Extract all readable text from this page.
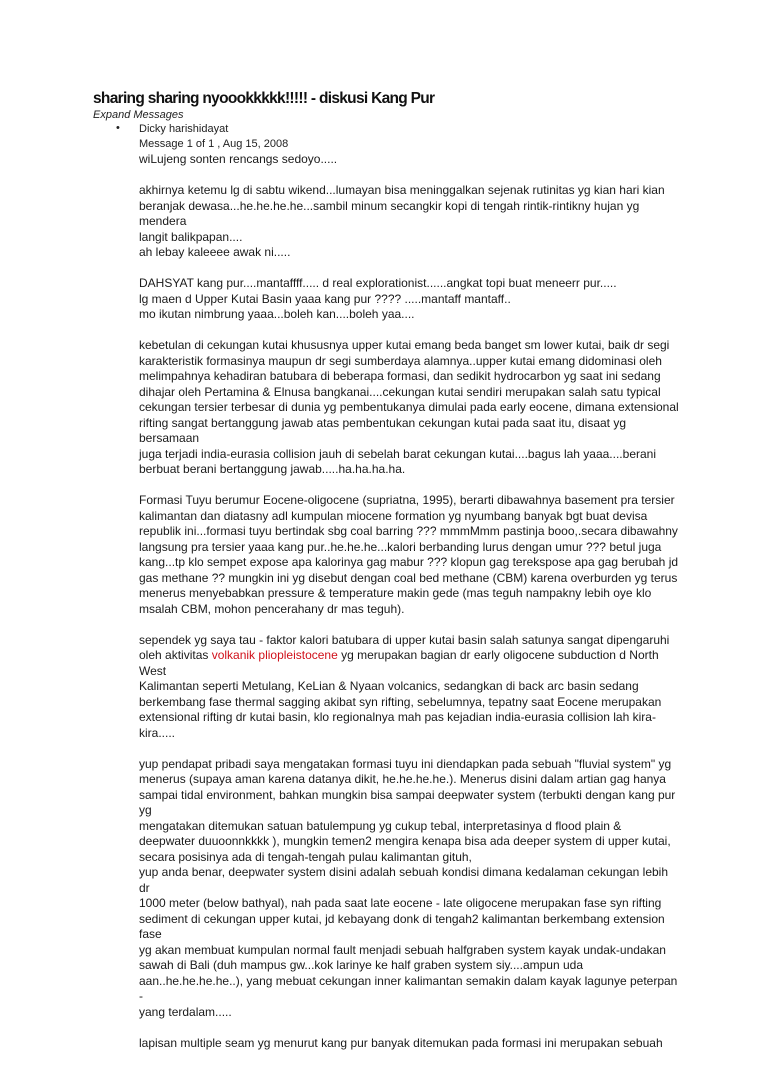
sharing sharing nyoookkkkk!!!!! - diskusi Kang Pur
Expand Messages
• Dicky harishidayat
Message 1 of 1 , Aug 15, 2008

wiLujeng sonten rencangs sedoyo.....

akhirnya ketemu lg di sabtu wikend...lumayan bisa meninggalkan sejenak rutinitas yg kian hari kian
beranjak dewasa...he.he.he.he...sambil minum secangkir kopi di tengah rintik-rintikny hujan yg mendera
langit balikpapan....
ah lebay kaleeee awak ni.....

DAHSYAT kang pur....mantaffff..... d real explorationist......angkat topi buat meneerr pur.....
lg maen d Upper Kutai Basin yaaa kang pur ???? .....mantaff mantaff..
mo ikutan nimbrung yaaa...boleh kan....boleh yaa....

kebetulan di cekungan kutai khususnya upper kutai emang beda banget sm lower kutai, baik dr segi
karakteristik formasinya maupun dr segi sumberdaya alamnya..upper kutai emang didominasi oleh
melimpahnya kehadiran batubara di beberapa formasi, dan sedikit hydrocarbon yg saat ini sedang
dihajar oleh Pertamina & Elnusa bangkanai....cekungan kutai sendiri merupakan salah satu typical
cekungan tersier terbesar di dunia yg pembentukanya dimulai pada early eocene, dimana extensional
rifting sangat bertanggung jawab atas pembentukan cekungan kutai pada saat itu, disaat yg bersamaan
juga terjadi india-eurasia collision jauh di sebelah barat cekungan kutai....bagus lah yaaa....berani
berbuat berani bertanggung jawab.....ha.ha.ha.ha.

Formasi Tuyu berumur Eocene-oligocene (supriatna, 1995), berarti dibawahnya basement pra tersier
kalimantan dan diatasny adl kumpulan miocene formation yg nyumbang banyak bgt buat devisa
republik ini...formasi tuyu bertindak sbg coal barring ??? mmmMmm pastinja booo,.secara dibawahny
langsung pra tersier yaaa kang pur..he.he.he...kalori berbanding lurus dengan umur ??? betul juga
kang...tp klo sempet expose apa kalorinya gag mabur ??? klopun gag terekspose apa gag berubah jd
gas methane ?? mungkin ini yg disebut dengan coal bed methane (CBM) karena overburden yg terus
menerus menyebabkan pressure & temperature makin gede (mas teguh nampakny lebih oye klo
msalah CBM, mohon pencerahany dr mas teguh).

sependek yg saya tau - faktor kalori batubara di upper kutai basin salah satunya sangat dipengaruhi
oleh aktivitas volkanik plioplеistocene yg merupakan bagian dr early oligocene subduction d North West
Kalimantan seperti Metulang, KeLian & Nyaan volcanics, sedangkan di back arc basin sedang
berkembang fase thermal sagging akibat syn rifting, sebelumnya, tepatny saat Eocene merupakan
extensional rifting dr kutai basin, klo regionalnya mah pas kejadian india-eurasia collision lah kira-
kira.....

yup pendapat pribadi saya mengatakan formasi tuyu ini diendapkan pada sebuah "fluvial system" yg
menerus (supaya aman karena datanya dikit, he.he.he.he.). Menerus disini dalam artian gag hanya
sampai tidal environment, bahkan mungkin bisa sampai deepwater system (terbukti dengan kang pur yg
mengatakan ditemukan satuan batulempung yg cukup tebal, interpretasinya d flood plain &
deepwater duuoonnkkkk ), mungkin temen2 mengira kenapa bisa ada deeper system di upper kutai,
secara posisinya ada di tengah-tengah pulau kalimantan gituh,
yup anda benar, deepwater system disini adalah sebuah kondisi dimana kedalaman cekungan lebih dr
1000 meter (below bathyal), nah pada saat late eocene - late oligocene merupakan fase syn rifting
sediment di cekungan upper kutai, jd kebayang donk di tengah2 kalimantan berkembang extension fase
yg akan membuat kumpulan normal fault menjadi sebuah halfgraben system kayak undak-undakan
sawah di Bali (duh mampus gw...kok larinye ke half graben system siy....ampun uda
aan..he.he.he.he..), yang mebuat cekungan inner kalimantan semakin dalam kayak lagunye peterpan -
yang terdalam.....

lapisan multiple seam yg menurut kang pur banyak ditemukan pada formasi ini merupakan sebuah
